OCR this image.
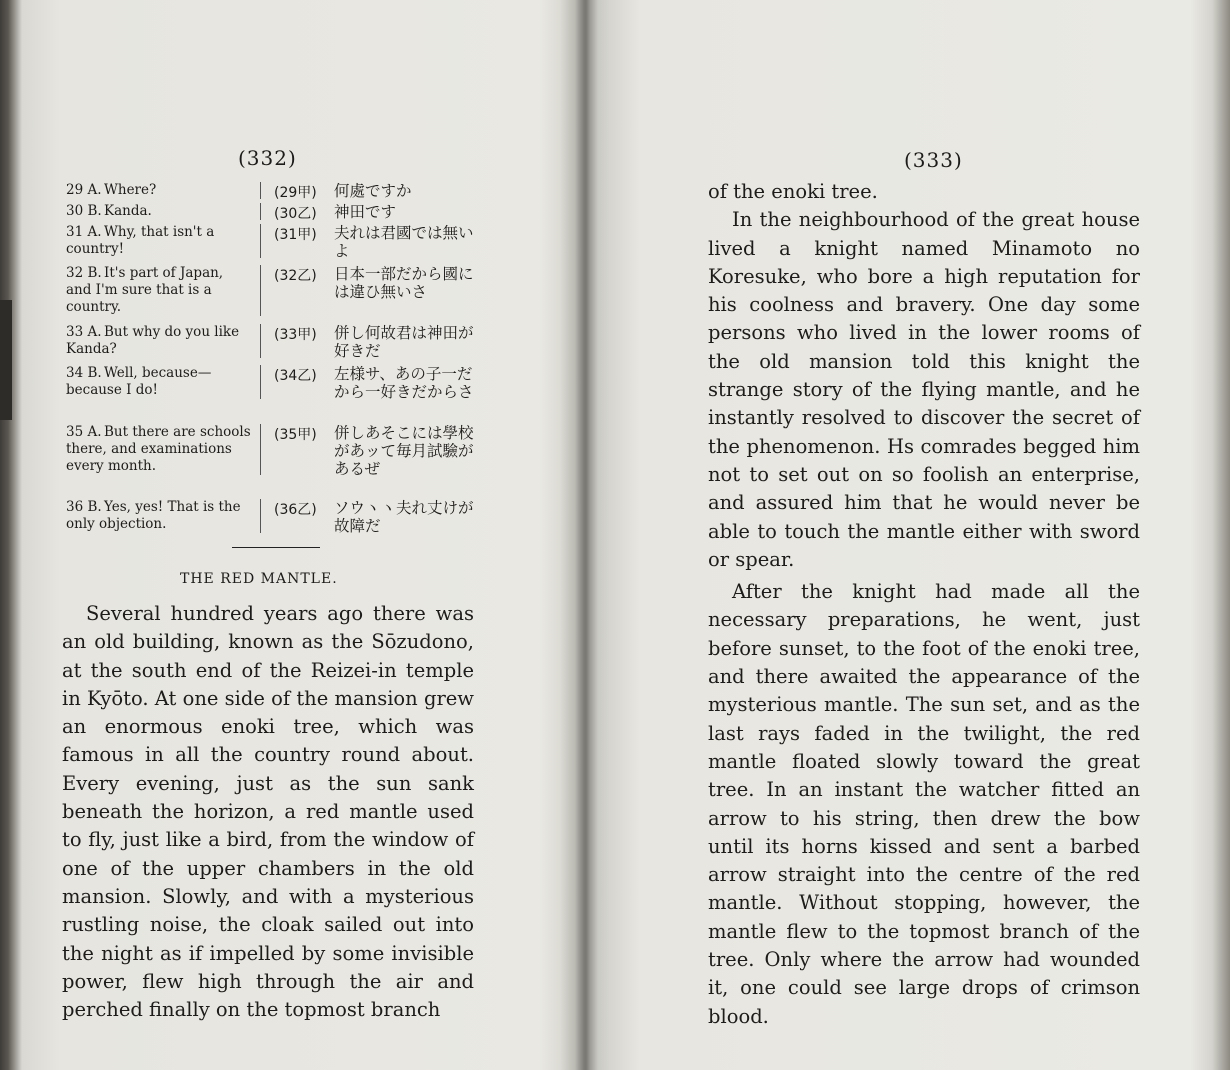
(332)
29 A. Where?	(29甲) 何處ですか
30 B. Kanda.	(30乙) 神田です
31 A. Why, that isn't a country!
(31甲) 夫れは君國では無いよ
32 B. It's part of Japan, and I'm sure that is a country.
(32乙) 日本一部だから國には違ひ無いさ
33 A. But why do you like Kanda?
(33甲) 併し何故君は神田が好きだ
34 B. Well, because—because I do!
(34乙) 左様サ、あの子一だから一好きだからさ
35 A. But there are schools there, and examinations every month.
(35甲) 併しあそこには學校があッて毎月試驗があるぜ
36 B. Yes, yes! That is the only objection.
(36乙) ソウヽヽ夫れ丈けが故障だ
THE RED MANTLE.

Several hundred years ago there was an old building, known as the Sōzudono, at the south end of the Reizei-in temple in Kyōto. At one side of the mansion grew an enormous enoki tree, which was famous in all the country round about. Every evening, just as the sun sank beneath the horizon, a red mantle used to fly, just like a bird, from the window of one of the upper chambers in the old mansion. Slowly, and with a mysterious rustling noise, the cloak sailed out into the night as if impelled by some invisible power, flew high through the air and perched finally on the topmost branch

(333)

of the enoki tree.

In the neighbourhood of the great house lived a knight named Minamoto no Koresuke, who bore a high reputation for his coolness and bravery. One day some persons who lived in the lower rooms of the old mansion told this knight the strange story of the flying mantle, and he instantly resolved to discover the secret of the phenomenon. Hs comrades begged him not to set out on so foolish an enterprise, and assured him that he would never be able to touch the mantle either with sword or spear.

After the knight had made all the necessary preparations, he went, just before sunset, to the foot of the enoki tree, and there awaited the appearance of the mysterious mantle. The sun set, and as the last rays faded in the twilight, the red mantle floated slowly toward the great tree. In an instant the watcher fitted an arrow to his string, then drew the bow until its horns kissed and sent a barbed arrow straight into the centre of the red mantle. Without stopping, however, the mantle flew to the topmost branch of the tree. Only where the arrow had wounded it, one could see large drops of crimson blood.
